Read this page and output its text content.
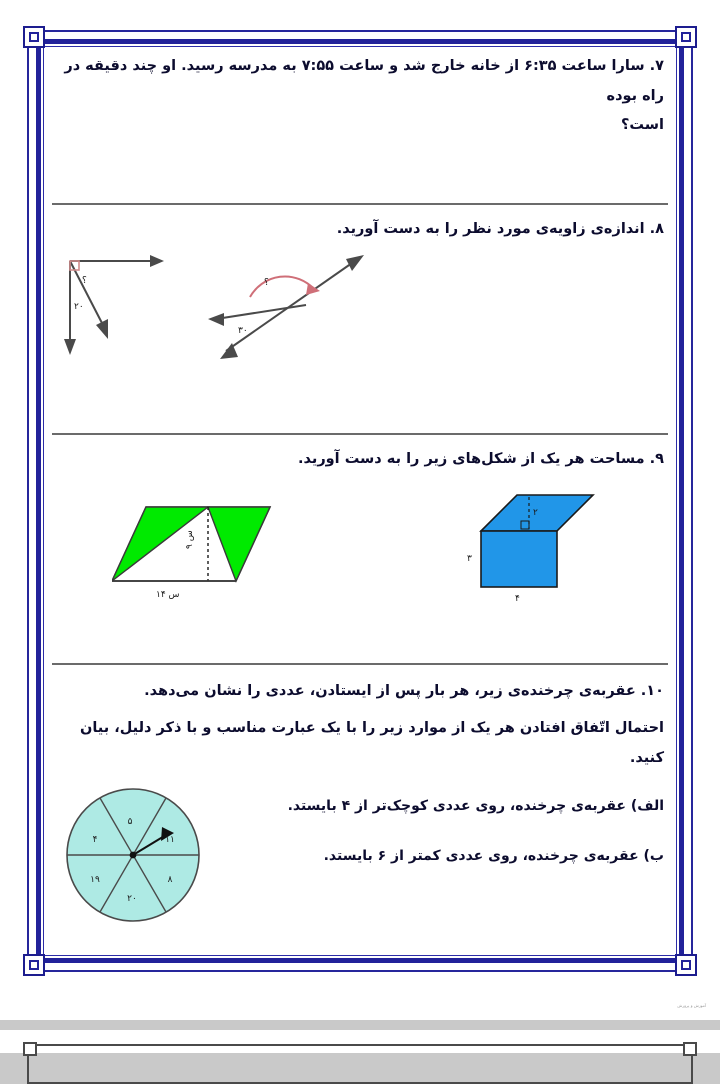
۷. سارا ساعت ۶:۳۵ از خانه خارج شد و ساعت ۷:۵۵ به مدرسه رسید. او چند دقیقه در راه بوده
است؟
۸. اندازه‌ی زاویه‌ی مورد نظر را به دست آورید.
؟
۲۰
؟
۳۰
۹. مساحت هر یک از شکل‌های زیر را به دست آورید.
۹ س
۱۴ س
۲
۳
۴
۱۰. عقربه‌ی چرخنده‌ی زیر، هر بار پس از ایستادن، عددی را نشان می‌دهد.
احتمال اتّفاق افتادن هر یک از موارد زیر را با یک عبارت مناسب و با ذکر دلیل، بیان کنید.
الف) عقربه‌ی چرخنده، روی عددی کوچک‌تر از ۴ بایستد.
ب) عقربه‌ی چرخنده، روی عددی کمتر از ۶ بایستد.
۵
۱۱
۸
۲۰
۱۹
۴
آموزش و پرورش
